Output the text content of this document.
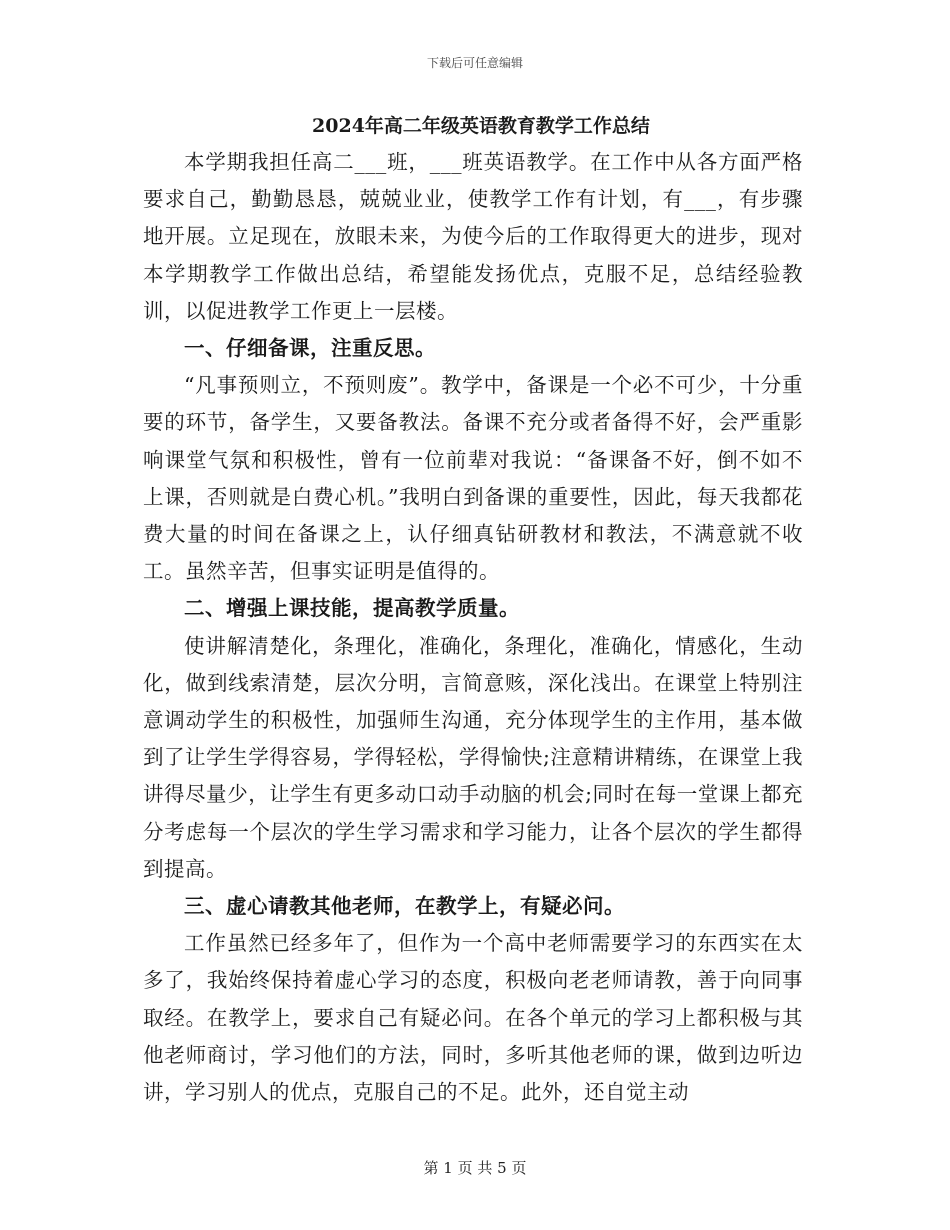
下载后可任意编辑
2024年高二年级英语教育教学工作总结

本学期我担任高二___班，___班英语教学。在工作中从各方面严格要求自己，勤勤恳恳，兢兢业业，使教学工作有计划，有___，有步骤地开展。立足现在，放眼未来，为使今后的工作取得更大的进步，现对本学期教学工作做出总结，希望能发扬优点，克服不足，总结经验教训，以促进教学工作更上一层楼。

一、仔细备课，注重反思。

“凡事预则立，不预则废”。教学中，备课是一个必不可少，十分重要的环节，备学生，又要备教法。备课不充分或者备得不好，会严重影响课堂气氛和积极性，曾有一位前辈对我说：“备课备不好，倒不如不上课，否则就是白费心机。”我明白到备课的重要性，因此，每天我都花费大量的时间在备课之上，认仔细真钻研教材和教法，不满意就不收工。虽然辛苦，但事实证明是值得的。

二、增强上课技能，提高教学质量。

使讲解清楚化，条理化，准确化，条理化，准确化，情感化，生动化，做到线索清楚，层次分明，言简意赅，深化浅出。在课堂上特别注意调动学生的积极性，加强师生沟通，充分体现学生的主作用，基本做到了让学生学得容易，学得轻松，学得愉快;注意精讲精练，在课堂上我讲得尽量少，让学生有更多动口动手动脑的机会;同时在每一堂课上都充分考虑每一个层次的学生学习需求和学习能力，让各个层次的学生都得到提高。

三、虚心请教其他老师，在教学上，有疑必问。

工作虽然已经多年了，但作为一个高中老师需要学习的东西实在太多了，我始终保持着虚心学习的态度，积极向老老师请教，善于向同事取经。在教学上，要求自己有疑必问。在各个单元的学习上都积极与其他老师商讨，学习他们的方法，同时，多听其他老师的课，做到边听边讲，学习别人的优点，克服自己的不足。此外，还自觉主动

第 1 页 共 5 页
